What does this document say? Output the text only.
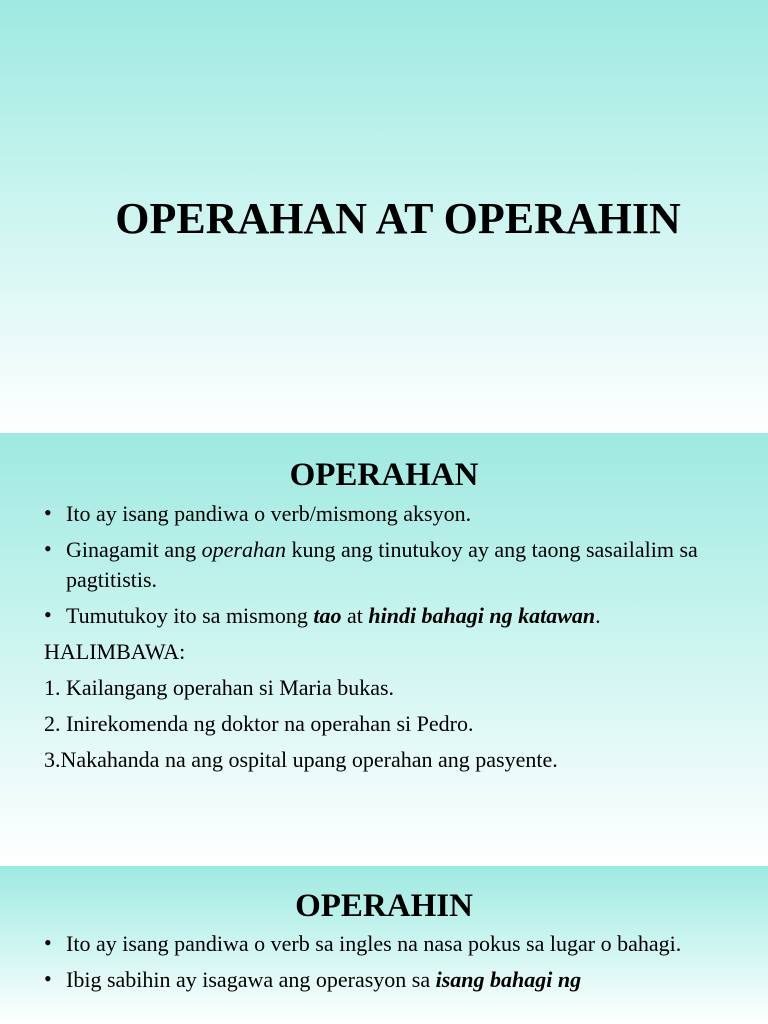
OPERAHAN AT OPERAHIN
OPERAHAN
• Ito ay isang pandiwa o verb/mismong aksyon.
• Ginagamit ang operahan kung ang tinutukoy ay ang taong sasailalim sa pagtitistis.
• Tumutukoy ito sa mismong tao at hindi bahagi ng katawan.
HALIMBAWA:
1. Kailangang operahan si Maria bukas.
2. Inirekomenda ng doktor na operahan si Pedro.
3.Nakahanda na ang ospital upang operahan ang pasyente.
OPERAHIN
• Ito ay isang pandiwa o verb sa ingles na nasa pokus sa lugar o bahagi.
• Ibig sabihin ay isagawa ang operasyon sa isang bahagi ng
